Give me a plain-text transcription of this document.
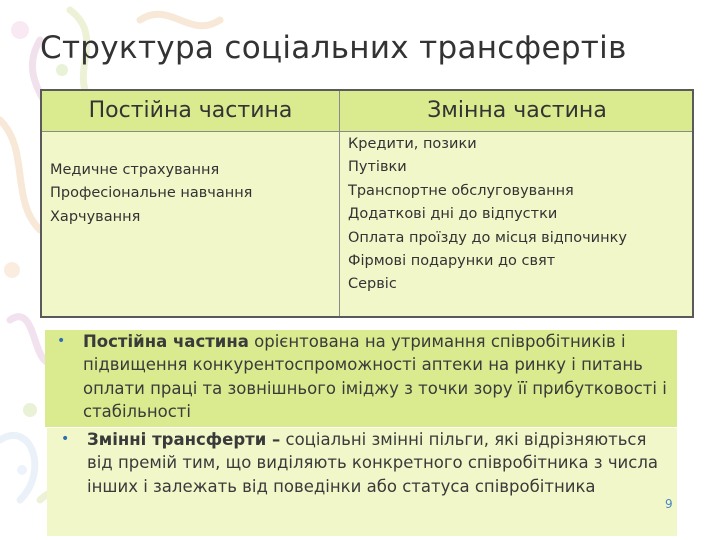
Структура соціальних трансфертів
Постійна частина	Змінна частина
Медичне страхування
Професіональне навчання
Харчування
Кредити, позики
Путівки
Транспортне обслуговування
Додаткові дні до відпустки
Оплата проїзду до місця відпочинку
Фірмові подарунки до свят
Сервіс
• Постійна частина орієнтована на утримання співробітників і підвищення конкурентоспроможності аптеки на ринку і питань оплати праці та зовнішнього іміджу з точки зору її прибутковості і стабільності
• Змінні трансферти – соціальні змінні пільги, які відрізняються від премій тим, що виділяють конкретного співробітника з числа інших і залежать від поведінки або статуса співробітника
9
